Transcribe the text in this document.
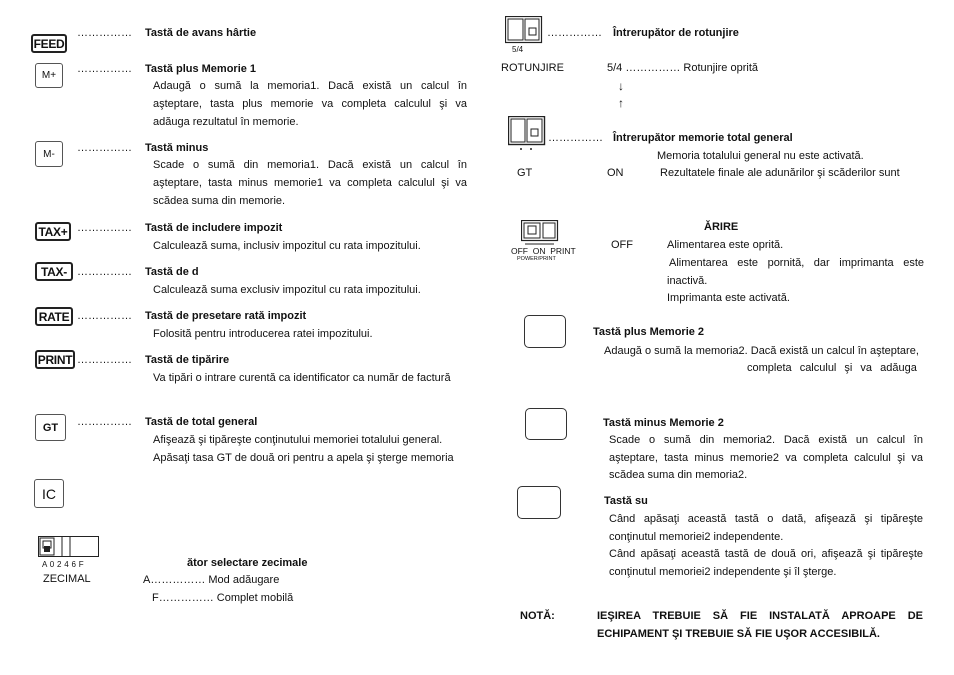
FEED
…………… Tastă de avans hârtie
M+
…………… Tastă plus Memorie 1
Adaugă o sumă la memoria1. Dacă există un calcul în
aşteptare, tasta plus memorie va completa calculul şi va
adăuga rezultatul în memorie.
M-	…………… Tastă minus
Scade o sumă din memoria1. Dacă există un calcul în
aşteptare, tasta minus memorie1 va completa calculul şi va
scădea suma din memorie.
TAX+ …………… Tastă de includere impozit
Calculează suma, inclusiv impozitul cu rata impozitului.
TAX- …………… Tastă de d
Calculează suma exclusiv impozitul cu rata impozitului.
RATE …………… Tastă de presetare rată impozit
Folosită pentru introducerea ratei impozitului.
PRINT …………… Tastă de tipărire
Va tipări o intrare curentă ca identificator ca număr de factură
GT	…………… Tastă de total general
Afişează şi tipăreşte conţinutului memoriei totalului general.
Apăsaţi tasa GT de două ori pentru a apela şi şterge memoria
IC
A 0 2 4 6 F
ZECIMAL
ător selectare zecimale
A…………… Mod adăugare
F…………… Complet mobilă
5/4
…………… Întrerupător de rotunjire
ROTUNJIRE	5/4 …………… Rotunjire oprită
↓
↑
…………… Întrerupător memorie total general
Memoria totalului general nu este activată.
GT	ON	Rezultatele finale ale adunărilor şi scăderilor sunt
OFF  ON  PRINT
POWER/PRINT
ĂRIRE
OFF	Alimentarea este oprită.
Alimentarea este pornită, dar imprimanta este
inactivă.
Imprimanta este activată.
Tastă plus Memorie 2
Adaugă o sumă la memoria2. Dacă există un calcul în aşteptare,
completa calculul şi va adăuga
Tastă minus Memorie 2
Scade o sumă din memoria2. Dacă există un calcul în
aşteptare, tasta minus memorie2 va completa calculul şi va
scădea suma din memoria2.
Tastă su
Când apăsaţi această tastă o dată, afişează şi tipăreşte
conţinutul memoriei2 independente.
Când apăsaţi această tastă de două ori, afişează şi tipăreşte
conţinutul memoriei2 independente şi îl şterge.
NOTĂ:	IEŞIREA TREBUIE SĂ FIE INSTALATĂ APROAPE DE
ECHIPAMENT ŞI TREBUIE SĂ FIE UŞOR ACCESIBILĂ.
